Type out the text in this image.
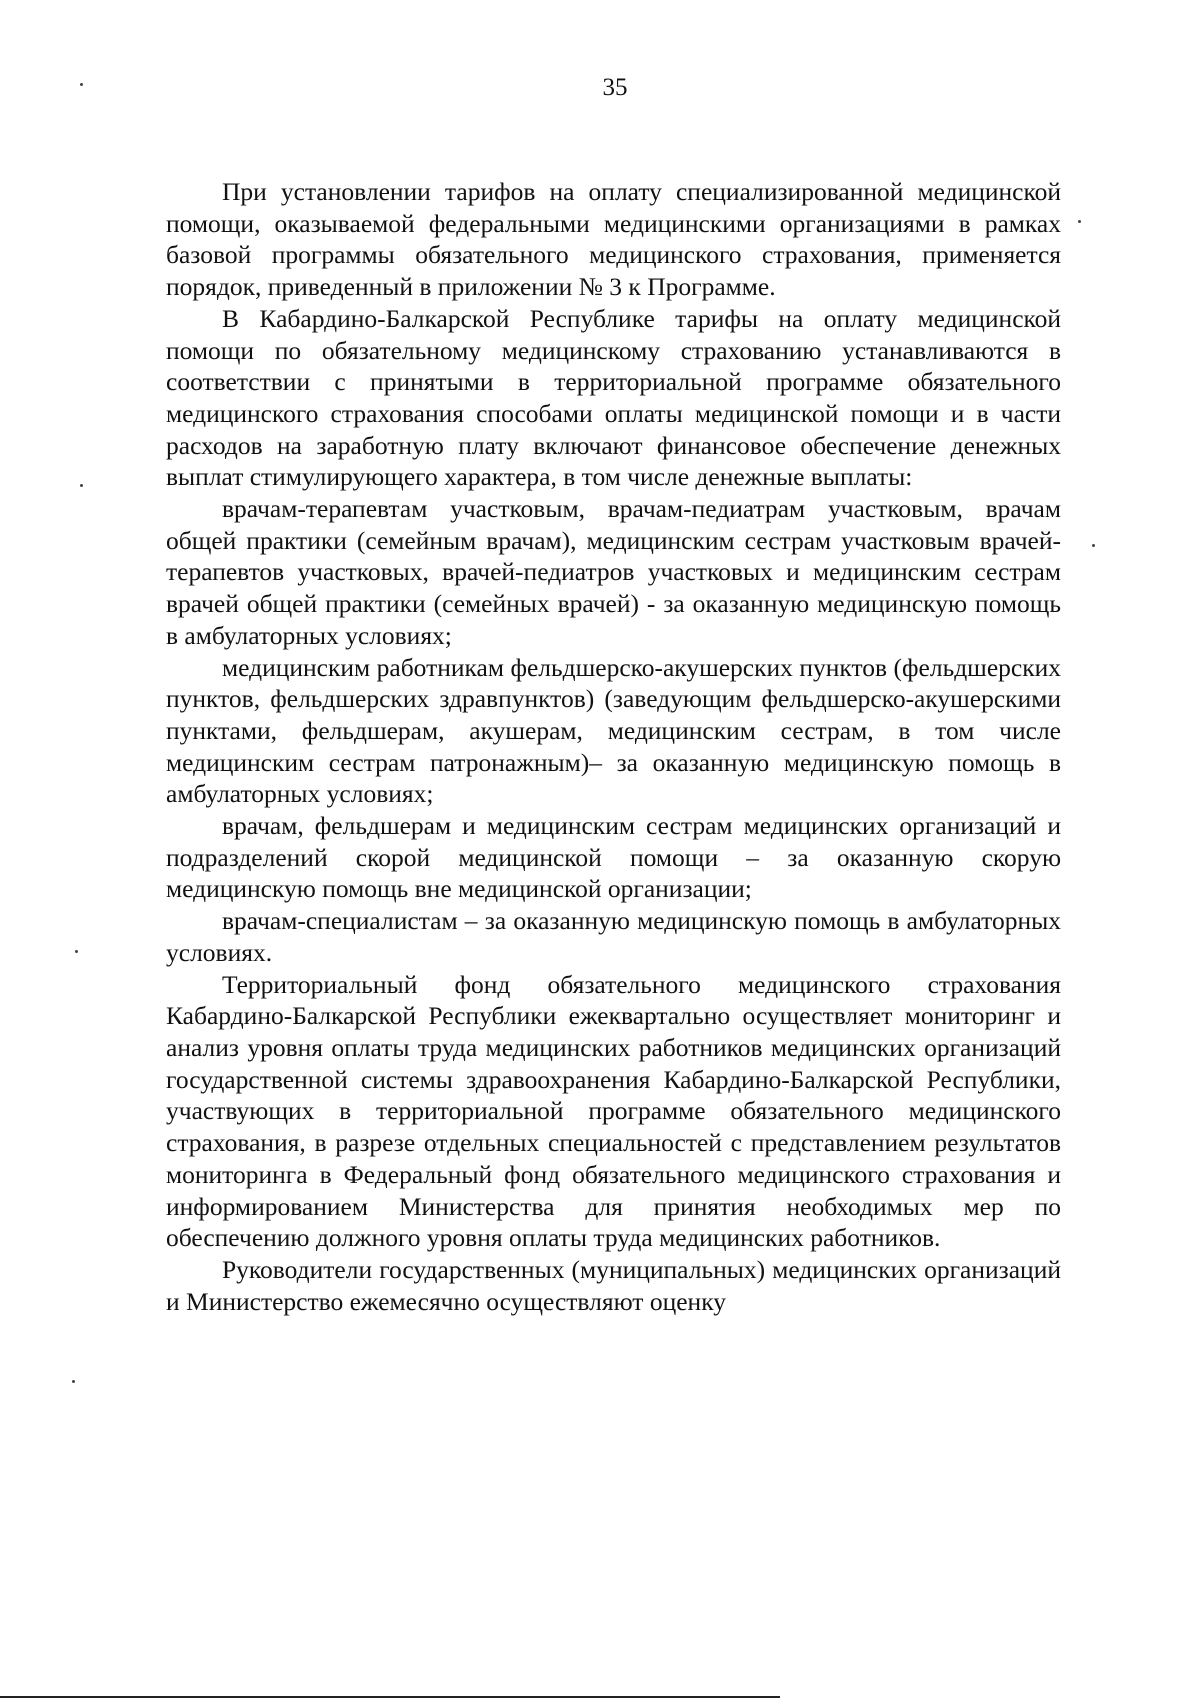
35

При установлении тарифов на оплату специализированной медицинской помощи, оказываемой федеральными медицинскими организациями в рамках базовой программы обязательного медицинского страхования, применяется порядок, приведенный в приложении № 3 к Программе.

В Кабардино-Балкарской Республике тарифы на оплату медицинской помощи по обязательному медицинскому страхованию устанавливаются в соответствии с принятыми в территориальной программе обязательного медицинского страхования способами оплаты медицинской помощи и в части расходов на заработную плату включают финансовое обеспечение денежных выплат стимулирующего характера, в том числе денежные выплаты:

врачам-терапевтам участковым, врачам-педиатрам участковым, врачам общей практики (семейным врачам), медицинским сестрам участковым врачей-терапевтов участковых, врачей-педиатров участковых и медицинским сестрам врачей общей практики (семейных врачей) - за оказанную медицинскую помощь в амбулаторных условиях;

медицинским работникам фельдшерско-акушерских пунктов (фельдшерских пунктов, фельдшерских здравпунктов) (заведующим фельдшерско-акушерскими пунктами, фельдшерам, акушерам, медицинским сестрам, в том числе медицинским сестрам патронажным)– за оказанную медицинскую помощь в амбулаторных условиях;

врачам, фельдшерам и медицинским сестрам медицинских организаций и подразделений скорой медицинской помощи – за оказанную скорую медицинскую помощь вне медицинской организации;

врачам-специалистам – за оказанную медицинскую помощь в амбулаторных условиях.

Территориальный фонд обязательного медицинского страхования Кабардино-Балкарской Республики ежеквартально осуществляет мониторинг и анализ уровня оплаты труда медицинских работников медицинских организаций государственной системы здравоохранения Кабардино-Балкарской Республики, участвующих в территориальной программе обязательного медицинского страхования, в разрезе отдельных специальностей с представлением результатов мониторинга в Федеральный фонд обязательного медицинского страхования и информированием Министерства для принятия необходимых мер по обеспечению должного уровня оплаты труда медицинских работников.

Руководители государственных (муниципальных) медицинских организаций и Министерство ежемесячно осуществляют оценку
